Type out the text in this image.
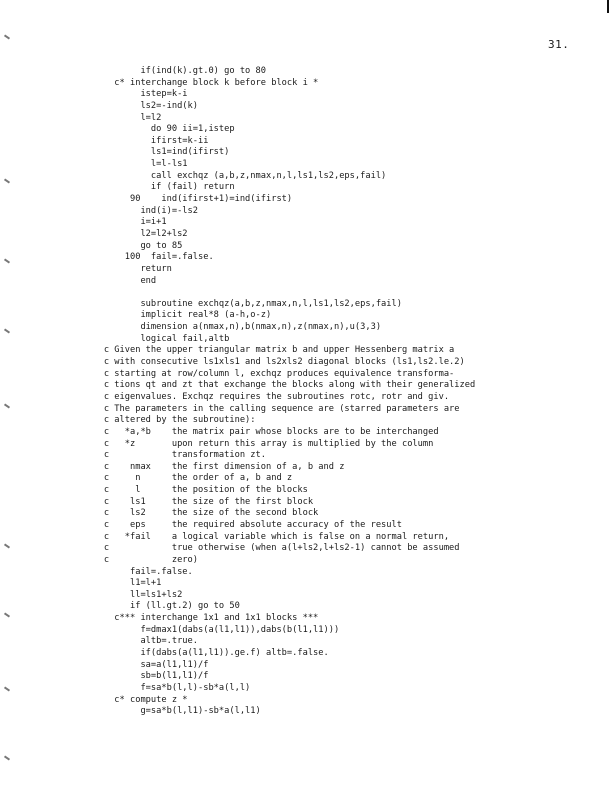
31.
if(ind(k).gt.0) go to 80
c* interchange block k before block i *
istep=k-i
ls2=-ind(k)
l=l2
do 90 ii=1,istep
ifirst=k-ii
ls1=ind(ifirst)
l=l-ls1
call exchqz (a,b,z,nmax,n,l,ls1,ls2,eps,fail)
if (fail) return
90    ind(ifirst+1)=ind(ifirst)
ind(i)=-ls2
i=i+1
l2=l2+ls2
go to 85
100  fail=.false.
return
end
subroutine exchqz(a,b,z,nmax,n,l,ls1,ls2,eps,fail)
implicit real*8 (a-h,o-z)
dimension a(nmax,n),b(nmax,n),z(nmax,n),u(3,3)
logical fail,altb
c Given the upper triangular matrix b and upper Hessenberg matrix a
c with consecutive ls1xls1 and ls2xls2 diagonal blocks (ls1,ls2.le.2)
c starting at row/column l, exchqz produces equivalence transforma-
c tions qt and zt that exchange the blocks along with their generalized
c eigenvalues. Exchqz requires the subroutines rotc, rotr and giv.
c The parameters in the calling sequence are (starred parameters are
c altered by the subroutine):
c   *a,*b    the matrix pair whose blocks are to be interchanged
c   *z       upon return this array is multiplied by the column
c            transformation zt.
c    nmax    the first dimension of a, b and z
c     n      the order of a, b and z
c     l      the position of the blocks
c    ls1     the size of the first block
c    ls2     the size of the second block
c    eps     the required absolute accuracy of the result
c   *fail    a logical variable which is false on a normal return,
c            true otherwise (when a(l+ls2,l+ls2-1) cannot be assumed
c            zero)
fail=.false.
l1=l+1
ll=ls1+ls2
if (ll.gt.2) go to 50
c*** interchange 1x1 and 1x1 blocks ***
f=dmax1(dabs(a(l1,l1)),dabs(b(l1,l1)))
altb=.true.
if(dabs(a(l1,l1)).ge.f) altb=.false.
sa=a(l1,l1)/f
sb=b(l1,l1)/f
f=sa*b(l,l)-sb*a(l,l)
c* compute z *
g=sa*b(l,l1)-sb*a(l,l1)
